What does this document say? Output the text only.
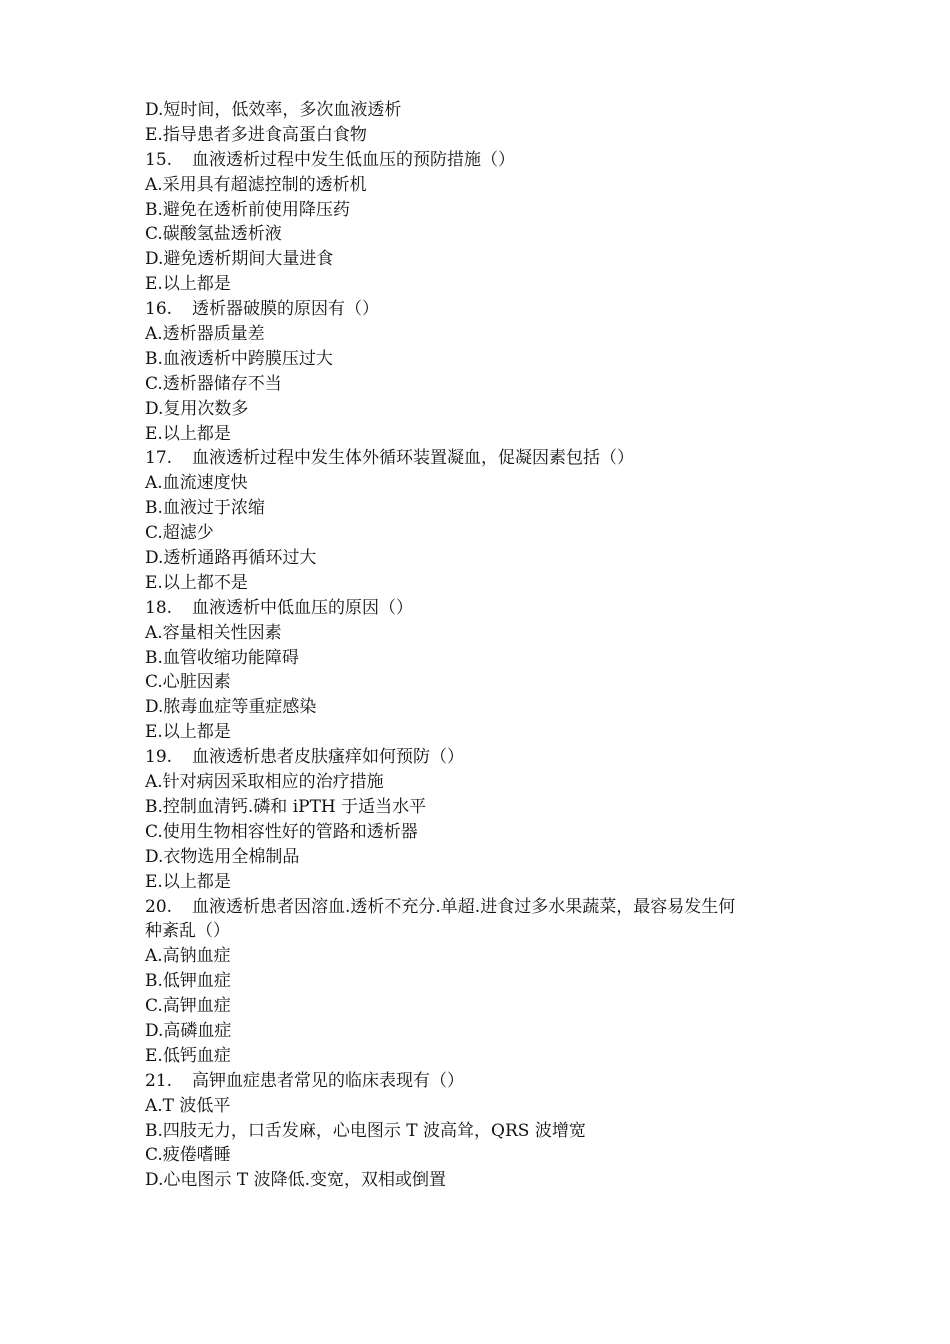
D.短时间，低效率，多次血液透析
E.指导患者多进食高蛋白食物
15. 血液透析过程中发生低血压的预防措施（）
A.采用具有超滤控制的透析机
B.避免在透析前使用降压药
C.碳酸氢盐透析液
D.避免透析期间大量进食
E.以上都是
16. 透析器破膜的原因有（）
A.透析器质量差
B.血液透析中跨膜压过大
C.透析器储存不当
D.复用次数多
E.以上都是
17. 血液透析过程中发生体外循环装置凝血，促凝因素包括（）
A.血流速度快
B.血液过于浓缩
C.超滤少
D.透析通路再循环过大
E.以上都不是
18. 血液透析中低血压的原因（）
A.容量相关性因素
B.血管收缩功能障碍
C.心脏因素
D.脓毒血症等重症感染
E.以上都是
19. 血液透析患者皮肤瘙痒如何预防（）
A.针对病因采取相应的治疗措施
B.控制血清钙.磷和 iPTH 于适当水平
C.使用生物相容性好的管路和透析器
D.衣物选用全棉制品
E.以上都是
20. 血液透析患者因溶血.透析不充分.单超.进食过多水果蔬菜，最容易发生何
种紊乱（）
A.高钠血症
B.低钾血症
C.高钾血症
D.高磷血症
E.低钙血症
21. 高钾血症患者常见的临床表现有（）
A.T 波低平
B.四肢无力，口舌发麻，心电图示 T 波高耸，QRS 波增宽
C.疲倦嗜睡
D.心电图示 T 波降低.变宽，双相或倒置
